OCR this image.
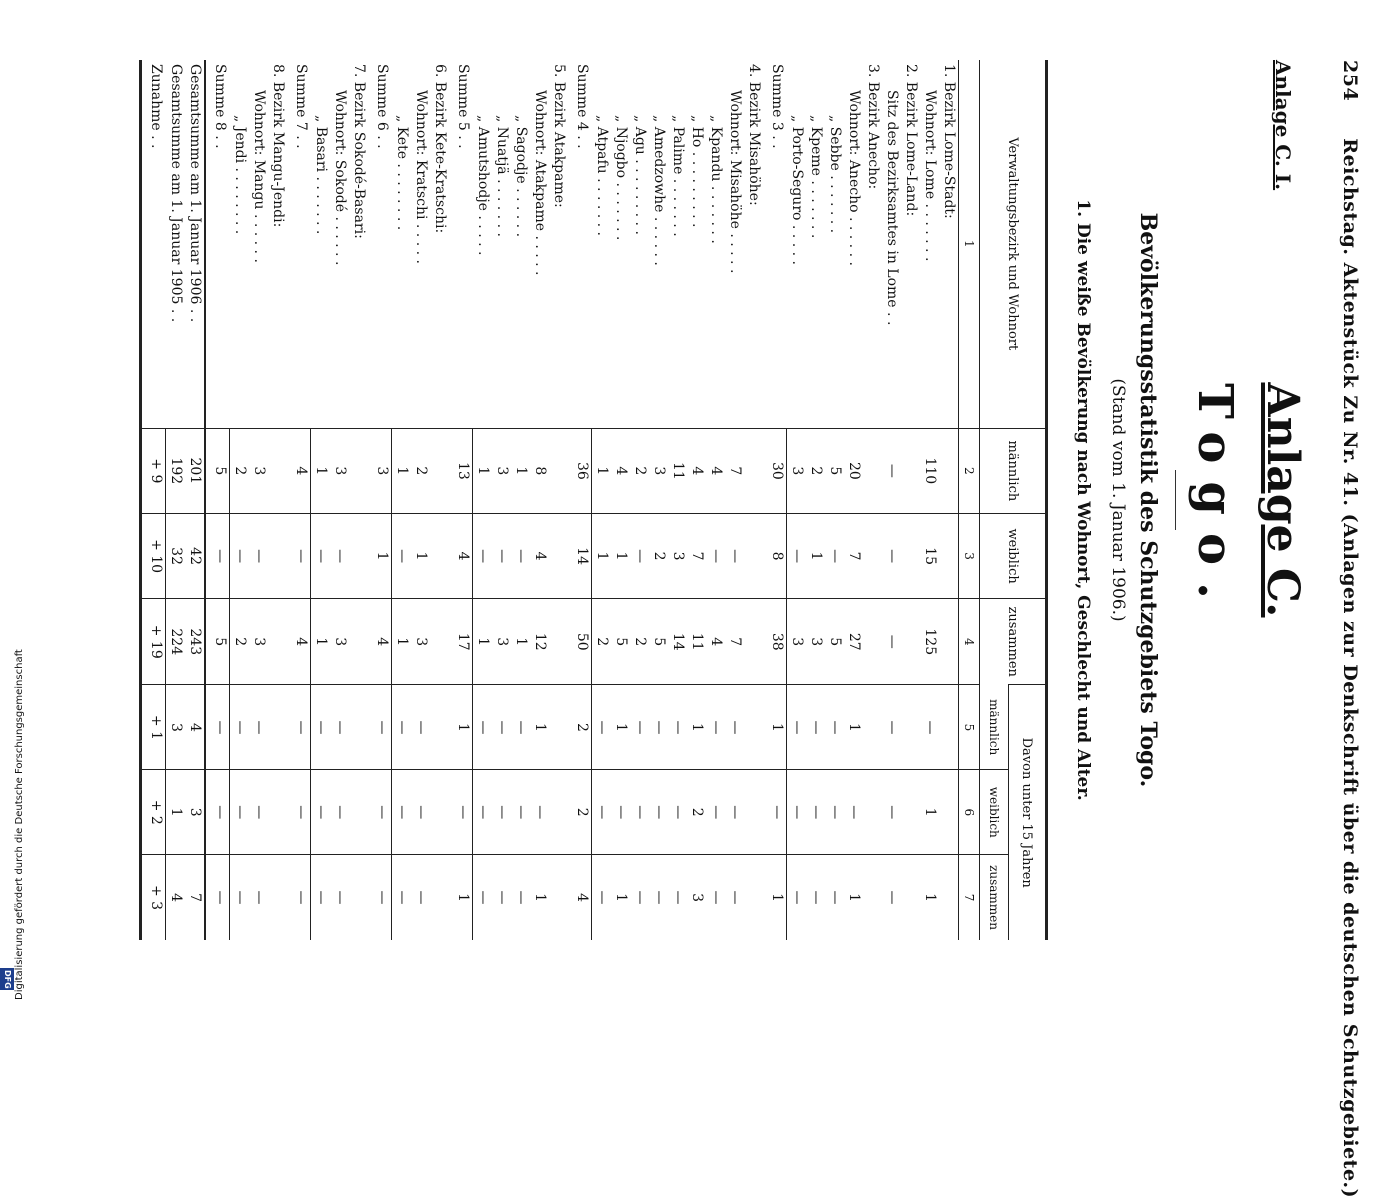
254 Reichstag. Aktenstück Zu Nr. 41. (Anlagen zur Denkschrift über die deutschen Schutzgebiete.)
Anlage C. I.
Anlage C.
Togo.
Bevölkerungsstatistik des Schutzgebiets Togo.
(Stand vom 1. Januar 1906.)
1. Die weiße Bevölkerung nach Wohnort, Geschlecht und Alter.
Verwaltungsbezirk und Wohnort	männlich	weiblich	zusammen	Davon unter 15 Jahren		
				männlich	weiblich	zusammen
1	2	3	4	5	6	7
1. Bezirk Lome-Stadt:						
Wohnort: Lome . . . . . . .	110	15	125	—	1	1
2. Bezirk Lome-Land:						
Sitz des Bezirksamtes in Lome . .	—	—	—	—	—	—
3. Bezirk Anecho:						
Wohnort: Anecho . . . . . .	20	7	27	1	—	1
„ Sebbe . . . . . . .	5	—	5	—	—	—
„ Kpeme . . . . . . .	2	1	3	—	—	—
„ Porto-Seguro . . . . .	3	—	3	—	—	—
Summe 3 . .	30	8	38	1	—	1
4. Bezirk Misahöhe:						
Wohnort: Misahöhe . . . . .	7	—	7	—	—	—
„ Kpandu . . . . . . .	4	—	4	—	—	—
„ Ho . . . . . . . . .	4	7	11	1	2	3
„ Palime . . . . . . .	11	3	14	—	—	—
„ Amedzowhe . . . . . .	3	2	5	—	—	—
„ Agu . . . . . . . . .	2	—	2	—	—	—
„ Njogbo . . . . . . .	4	1	5	1	—	1
„ Atpafu . . . . . . .	1	1	2	—	—	—
Summe 4 . .	36	14	50	2	2	4
5. Bezirk Atakpame:						
Wohnort: Atakpame . . . . .	8	4	12	1	—	1
„ Sagodje . . . . . .	1	—	1	—	—	—
„ Nuatjä . . . . . . .	3	—	3	—	—	—
„ Amutshodje . . . . .	1	—	1	—	—	—
Summe 5 . .	13	4	17	1	—	1
6. Bezirk Kete-Kratschi:						
Wohnort: Kratschi . . . . .	2	1	3	—	—	—
„ Kete . . . . . . . .	1	—	1	—	—	—
Summe 6 . .	3	1	4	—	—	—
7. Bezirk Sokodé-Basari:						
Wohnort: Sokodé . . . . . .	3	—	3	—	—	—
„ Basari . . . . . . .	1	—	1	—	—	—
Summe 7 . .	4	—	4	—	—	—
8. Bezirk Mangu-Jendi:						
Wohnort: Mangu . . . . . .	3	—	3	—	—	—
„ Jendi . . . . . . . .	2	—	2	—	—	—
Summe 8 . .	5	—	5	—	—	—
Gesamtsumme am 1. Januar 1906 . .	201	42	243	4	3	7
Gesamtsumme am 1. Januar 1905 . .	192	32	224	3	1	4
Zunahme . .	+ 9	+ 10	+ 19	+ 1	+ 2	+ 3
Digitalisierung gefördert durch die Deutsche Forschungsgemeinschaft
DFG
